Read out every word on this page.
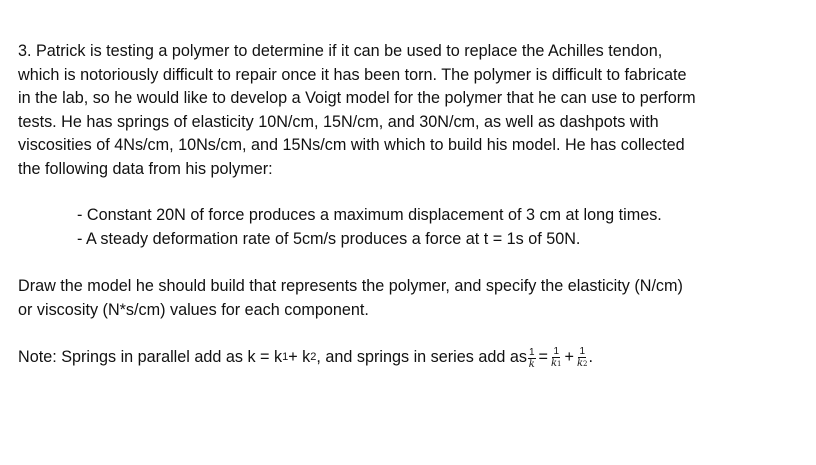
3. Patrick is testing a polymer to determine if it can be used to replace the Achilles tendon,
which is notoriously difficult to repair once it has been torn. The polymer is difficult to fabricate
in the lab, so he would like to develop a Voigt model for the polymer that he can use to perform
tests. He has springs of elasticity 10N/cm, 15N/cm, and 30N/cm, as well as dashpots with
viscosities of 4Ns/cm, 10Ns/cm, and 15Ns/cm with which to build his model. He has collected
the following data from his polymer:

- Constant 20N of force produces a maximum displacement of 3 cm at long times.
- A steady deformation rate of 5cm/s produces a force at t = 1s of 50N.

Draw the model he should build that represents the polymer, and specify the elasticity (N/cm)
or viscosity (N*s/cm) values for each component.

Note: Springs in parallel add as k = k 1 + k 2 , and springs in series add as $\frac{1}{k} = \frac{1}{k1} + \frac{1}{k2}$ .
